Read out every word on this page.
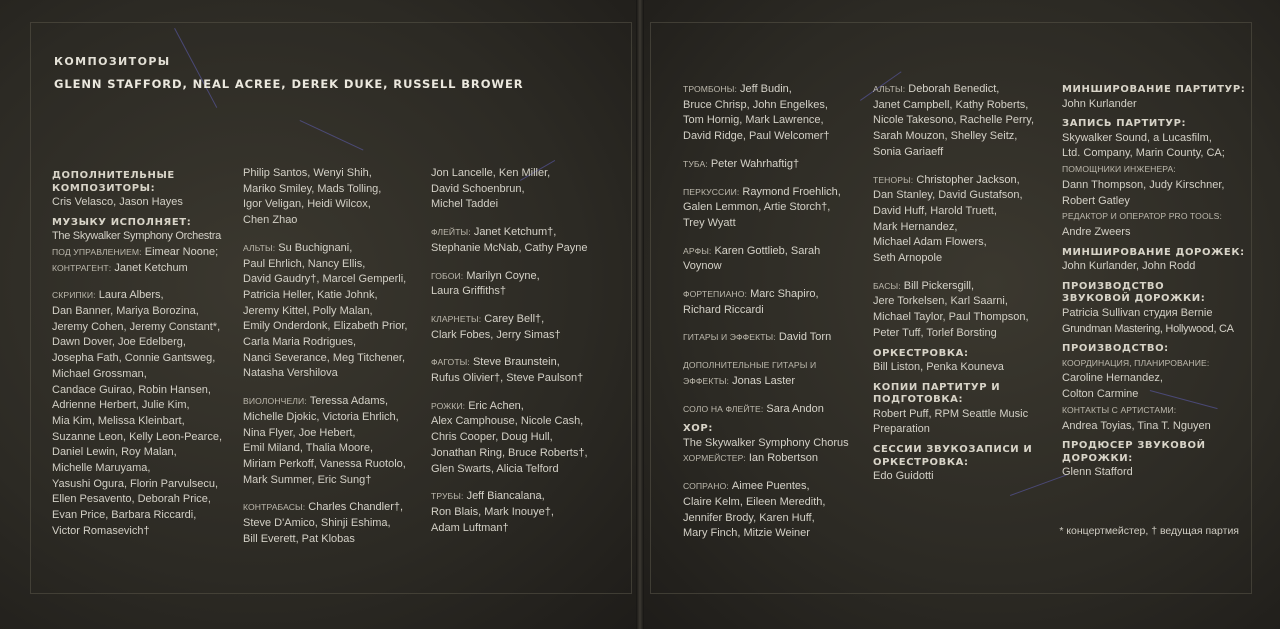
КОМПОЗИТОРЫ
GLENN STAFFORD, NEAL ACREE, DEREK DUKE, RUSSELL BROWER
ДОПОЛНИТЕЛЬНЫЕ
КОМПОЗИТОРЫ:
Cris Velasco, Jason Hayes
МУЗЫКУ ИСПОЛНЯЕТ:
The Skywalker Symphony Orchestra
ПОД УПРАВЛЕНИЕМ: Eimear Noone;
КОНТРАГЕНТ: Janet Ketchum
СКРИПКИ: Laura Albers,
Dan Banner, Mariya Borozina,
Jeremy Cohen, Jeremy Constant*,
Dawn Dover, Joe Edelberg,
Josepha Fath, Connie Gantsweg,
Michael Grossman,
Candace Guirao, Robin Hansen,
Adrienne Herbert, Julie Kim,
Mia Kim, Melissa Kleinbart,
Suzanne Leon, Kelly Leon-Pearce,
Daniel Lewin, Roy Malan,
Michelle Maruyama,
Yasushi Ogura, Florin Parvulsecu,
Ellen Pesavento, Deborah Price,
Evan Price, Barbara Riccardi,
Victor Romasevich†
Philip Santos, Wenyi Shih,
Mariko Smiley, Mads Tolling,
Igor Veligan, Heidi Wilcox,
Chen Zhao
АЛЬТЫ: Su Buchignani,
Paul Ehrlich, Nancy Ellis,
David Gaudry†, Marcel Gemperli,
Patricia Heller, Katie Johnk,
Jeremy Kittel, Polly Malan,
Emily Onderdonk, Elizabeth Prior,
Carla Maria Rodrigues,
Nanci Severance, Meg Titchener,
Natasha Vershilova
ВИОЛОНЧЕЛИ: Teressa Adams,
Michelle Djokic, Victoria Ehrlich,
Nina Flyer, Joe Hebert,
Emil Miland, Thalia Moore,
Miriam Perkoff, Vanessa Ruotolo,
Mark Summer, Eric Sung†
КОНТРАБАСЫ: Charles Chandler†,
Steve D'Amico, Shinji Eshima,
Bill Everett, Pat Klobas
Jon Lancelle, Ken Miller,
David Schoenbrun,
Michel Taddei
ФЛЕЙТЫ: Janet Ketchum†,
Stephanie McNab, Cathy Payne
ГОБОИ: Marilyn Coyne,
Laura Griffiths†
КЛАРНЕТЫ: Carey Bell†,
Clark Fobes, Jerry Simas†
ФАГОТЫ: Steve Braunstein,
Rufus Olivier†, Steve Paulson†
РОЖКИ: Eric Achen,
Alex Camphouse, Nicole Cash,
Chris Cooper, Doug Hull,
Jonathan Ring, Bruce Roberts†,
Glen Swarts, Alicia Telford
ТРУБЫ: Jeff Biancalana,
Ron Blais, Mark Inouye†,
Adam Luftman†
ТРОМБОНЫ: Jeff Budin,
Bruce Chrisp, John Engelkes,
Tom Hornig, Mark Lawrence,
David Ridge, Paul Welcomer†
ТУБА: Peter Wahrhaftig†
ПЕРКУССИИ: Raymond Froehlich,
Galen Lemmon, Artie Storch†,
Trey Wyatt
АРФЫ: Karen Gottlieb, Sarah
Voynow
ФОРТЕПИАНО: Marc Shapiro,
Richard Riccardi
ГИТАРЫ И ЭФФЕКТЫ: David Torn
ДОПОЛНИТЕЛЬНЫЕ ГИТАРЫ И
ЭФФЕКТЫ: Jonas Laster
СОЛО НА ФЛЕЙТЕ: Sara Andon
ХОР:
The Skywalker Symphony Chorus
ХОРМЕЙСТЕР: Ian Robertson
СОПРАНО: Aimee Puentes,
Claire Kelm, Eileen Meredith,
Jennifer Brody, Karen Huff,
Mary Finch, Mitzie Weiner
АЛЬТЫ: Deborah Benedict,
Janet Campbell, Kathy Roberts,
Nicole Takesono, Rachelle Perry,
Sarah Mouzon, Shelley Seitz,
Sonia Gariaeff
ТЕНОРЫ: Christopher Jackson,
Dan Stanley, David Gustafson,
David Huff, Harold Truett,
Mark Hernandez,
Michael Adam Flowers,
Seth Arnopole
БАСЫ: Bill Pickersgill,
Jere Torkelsen, Karl Saarni,
Michael Taylor, Paul Thompson,
Peter Tuff, Torlef Borsting
ОРКЕСТРОВКА:
Bill Liston, Penka Kouneva
КОПИИ ПАРТИТУР И
ПОДГОТОВКА:
Robert Puff, RPM Seattle Music
Preparation
СЕССИИ ЗВУКОЗАПИСИ И
ОРКЕСТРОВКА:
Edo Guidotti
МИНШИРОВАНИЕ ПАРТИТУР:
John Kurlander
ЗАПИСЬ ПАРТИТУР:
Skywalker Sound, a Lucasfilm,
Ltd. Company, Marin County, CA;
ПОМОЩНИКИ ИНЖЕНЕРА:
Dann Thompson, Judy Kirschner,
Robert Gatley
РЕДАКТОР И ОПЕРАТОР PRO TOOLS:
Andre Zweers
МИНШИРОВАНИЕ ДОРОЖЕК:
John Kurlander, John Rodd
ПРОИЗВОДСТВО
ЗВУКОВОЙ ДОРОЖКИ:
Patricia Sullivan студия Bernie
Grundman Mastering, Hollywood, CA
ПРОИЗВОДСТВО:
КООРДИНАЦИЯ, ПЛАНИРОВАНИЕ:
Caroline Hernandez,
Colton Carmine
КОНТАКТЫ С АРТИСТАМИ:
Andrea Toyias, Tina T. Nguyen
ПРОДЮСЕР ЗВУКОВОЙ
ДОРОЖКИ:
Glenn Stafford
* концертмейстер, † ведущая партия
